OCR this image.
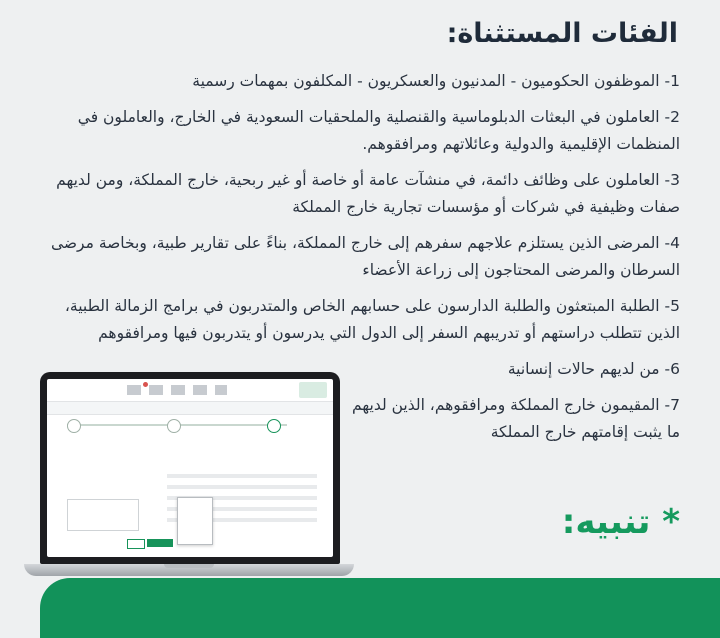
الفئات المستثناة:
1- الموظفون الحكوميون - المدنيون والعسكريون - المكلفون بمهمات رسمية
2- العاملون في البعثات الدبلوماسية والقنصلية والملحقيات السعودية في الخارج، والعاملون في المنظمات الإقليمية والدولية وعائلاتهم ومرافقوهم.
3- العاملون على وظائف دائمة، في منشآت عامة أو خاصة أو غير ربحية، خارج المملكة، ومن لديهم صفات وظيفية في شركات أو مؤسسات تجارية خارج المملكة
4- المرضى الذين يستلزم علاجهم سفرهم إلى خارج المملكة، بناءً على تقارير طبية، وبخاصة مرضى السرطان والمرضى المحتاجون إلى زراعة الأعضاء
5- الطلبة المبتعثون والطلبة الدارسون على حسابهم الخاص والمتدربون في برامج الزمالة الطبية، الذين تتطلب دراستهم أو تدريبهم السفر إلى الدول التي يدرسون أو يتدربون فيها ومرافقوهم
6- من لديهم حالات إنسانية
7- المقيمون خارج المملكة ومرافقوهم، الذين لديهم ما يثبت إقامتهم خارج المملكة
* تنبيه:
